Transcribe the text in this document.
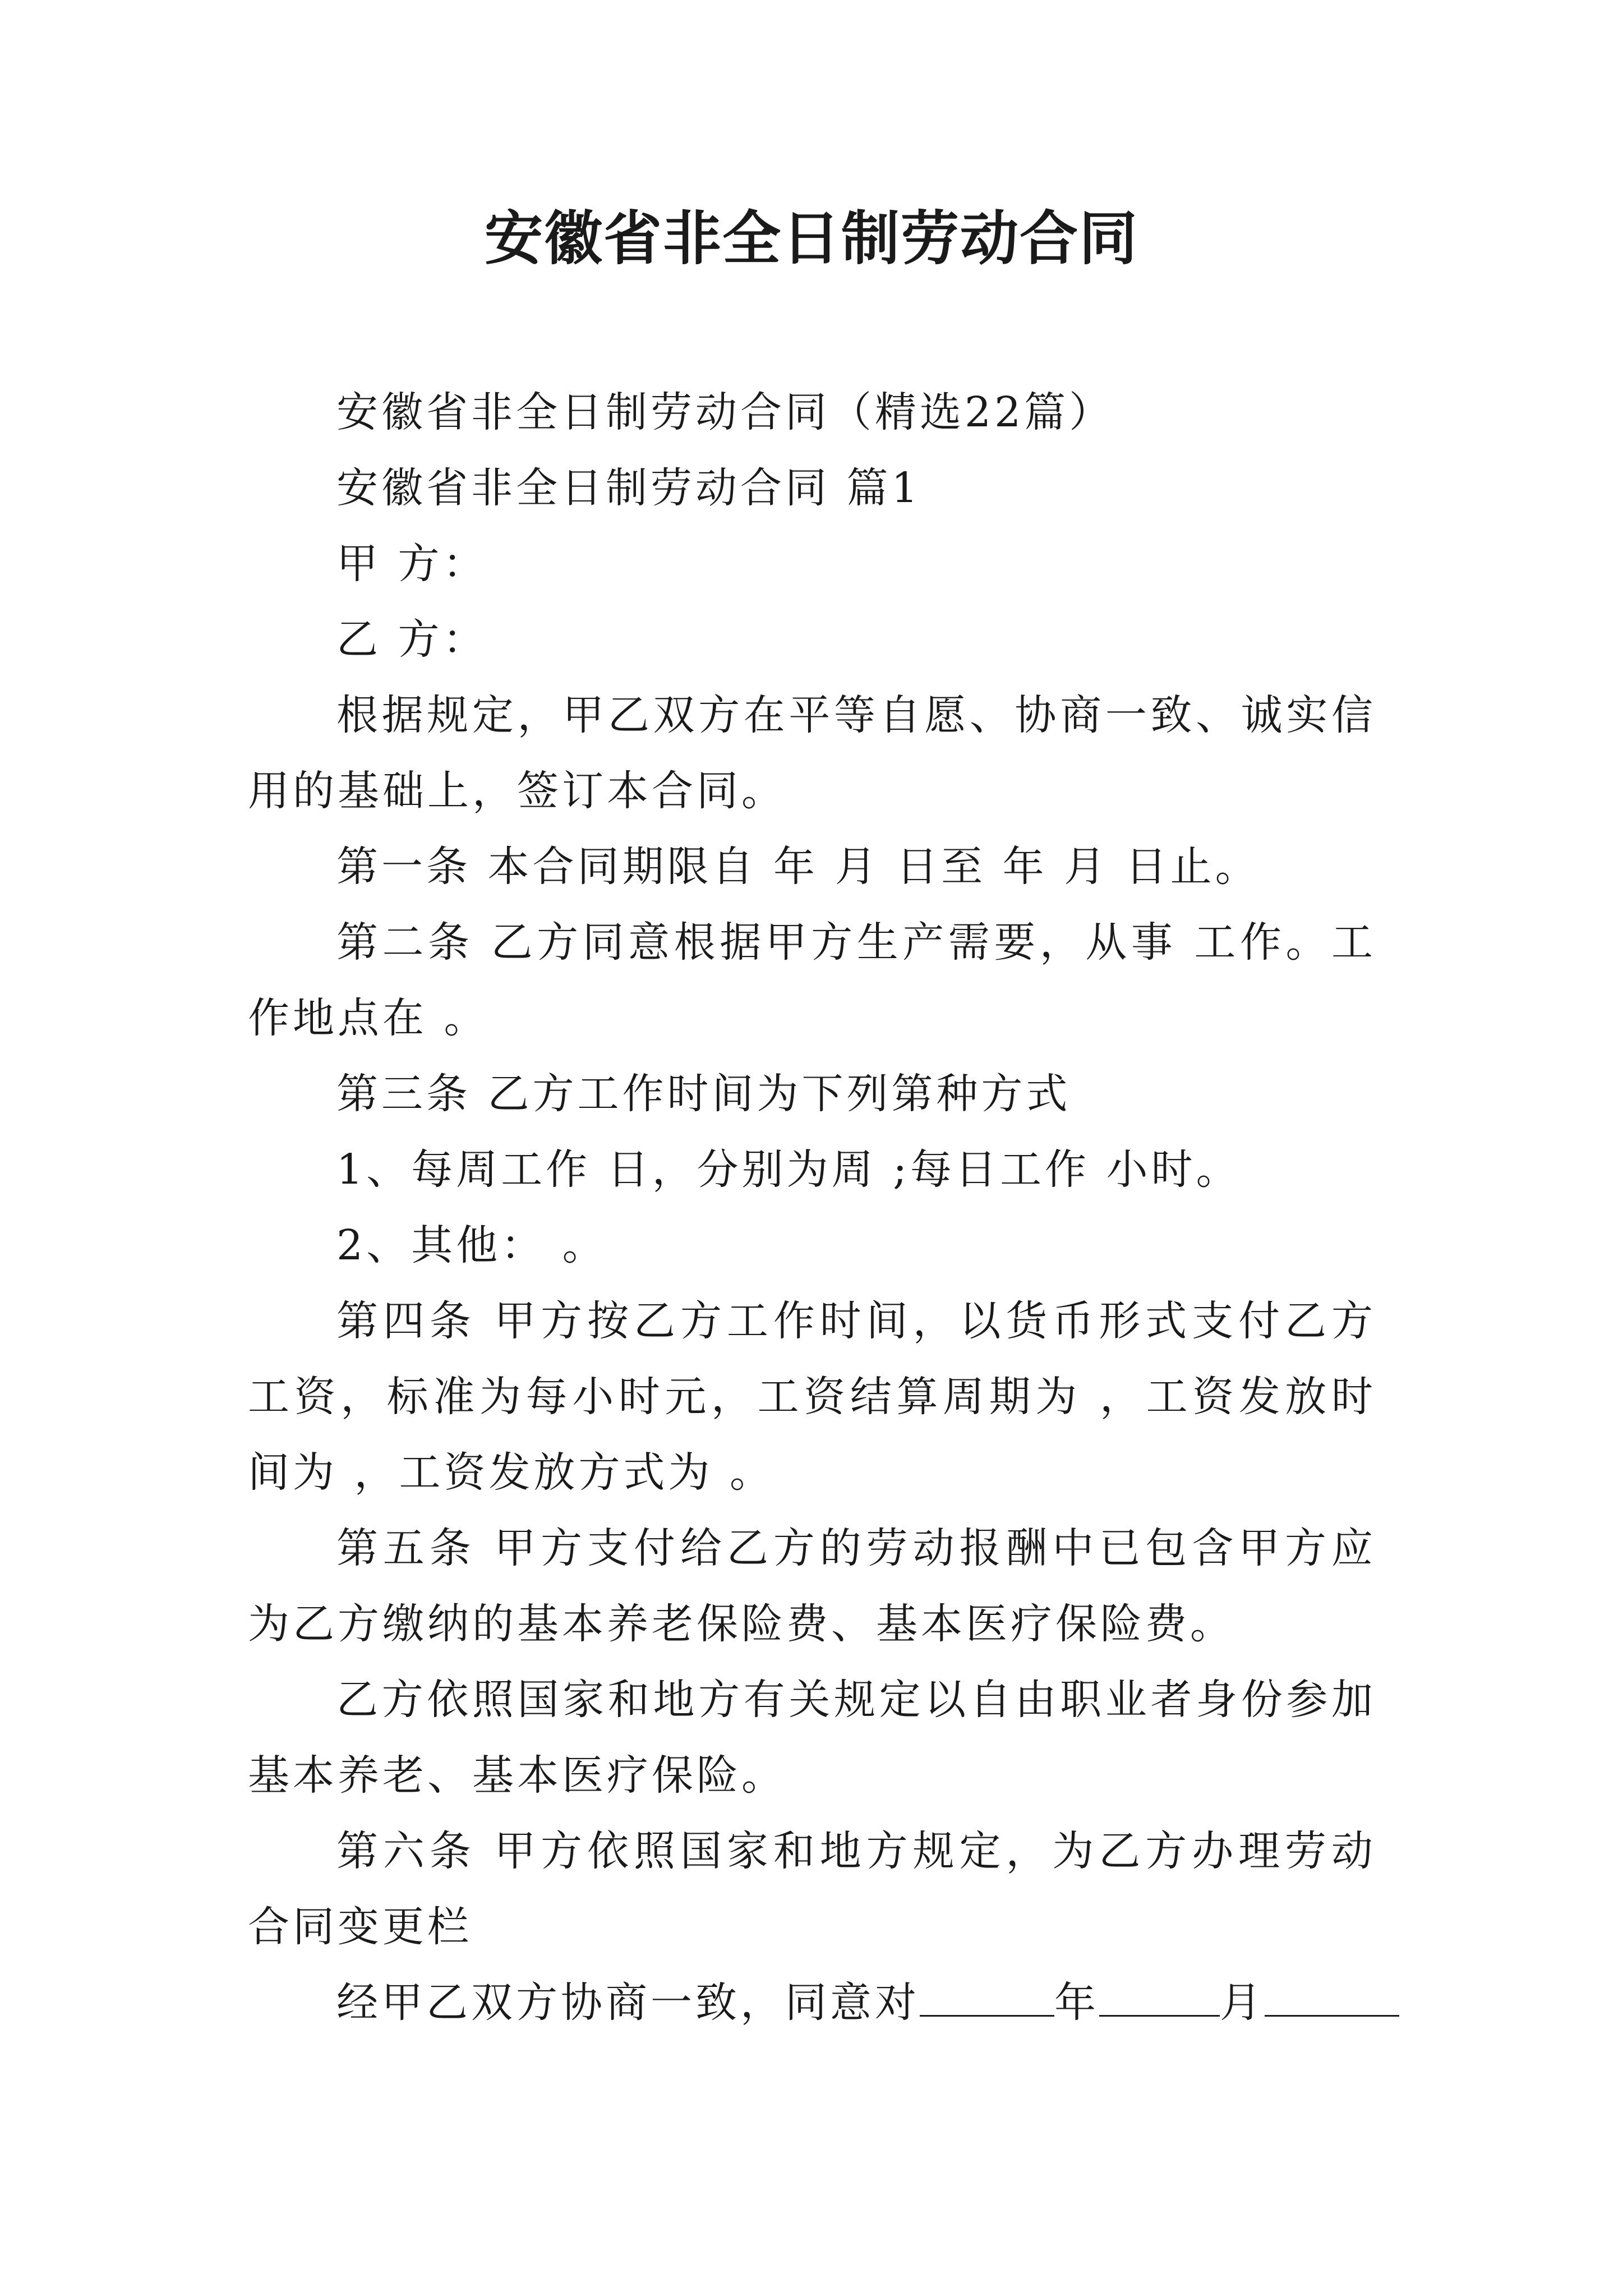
安徽省非全日制劳动合同

安徽省非全日制劳动合同（精选22篇）

安徽省非全日制劳动合同 篇1

甲 方：

乙 方：

根据规定，甲乙双方在平等自愿、协商一致、诚实信用的基础上，签订本合同。

第一条 本合同期限自 年 月 日至 年 月 日止。

第二条 乙方同意根据甲方生产需要，从事 工作。工作地点在 。

第三条 乙方工作时间为下列第种方式

1、每周工作 日，分别为周 ;每日工作 小时。

2、其他： 。

第四条 甲方按乙方工作时间，以货币形式支付乙方工资，标准为每小时元，工资结算周期为 ，工资发放时间为 ，工资发放方式为 。

第五条 甲方支付给乙方的劳动报酬中已包含甲方应为乙方缴纳的基本养老保险费、基本医疗保险费。

乙方依照国家和地方有关规定以自由职业者身份参加基本养老、基本医疗保险。

第六条 甲方依照国家和地方规定，为乙方办理劳动合同变更栏

经甲乙双方协商一致，同意对	年	月
